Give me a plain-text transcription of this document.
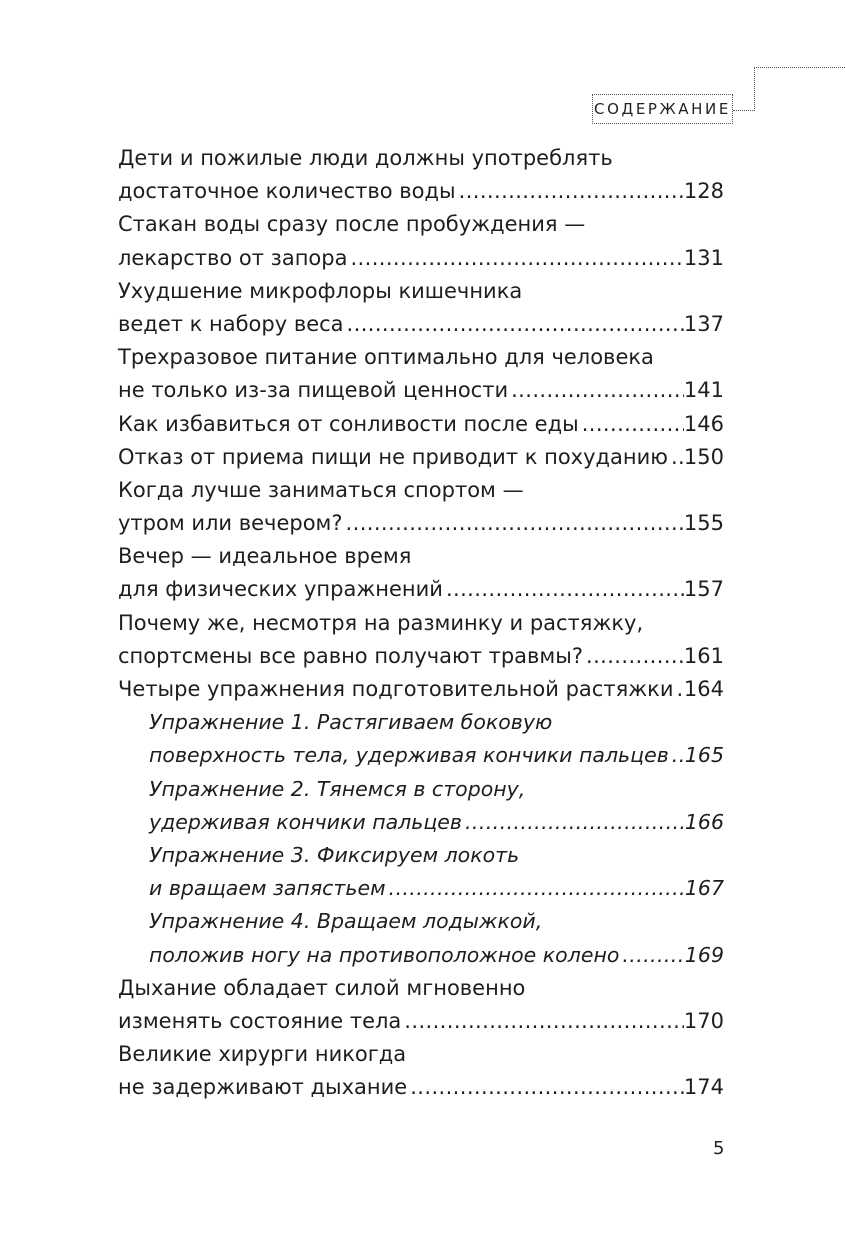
СОДЕРЖАНИЕ
Дети и пожилые люди должны употреблять
достаточное количество воды .....	128
Стакан воды сразу после пробуждения —
лекарство от запора .....	131
Ухудшение микрофлоры кишечника
ведет к набору веса .....	137
Трехразовое питание оптимально для человека
не только из-за пищевой ценности .....	141
Как избавиться от сонливости после еды .....	146
Отказ от приема пищи не приводит к похуданию ..... 150
Когда лучше заниматься спортом —
утром или вечером? .....	155
Вечер — идеальное время
для физических упражнений .....	157
Почему же, несмотря на разминку и растяжку,
спортсмены все равно получают травмы? .....	161
Четыре упражнения подготовительной растяжки ..... 164
Упражнение 1. Растягиваем боковую
поверхность тела, удерживая кончики пальцев ..... 165
Упражнение 2. Тянемся в сторону,
удерживая кончики пальцев .....	166
Упражнение 3. Фиксируем локоть
и вращаем запястьем .....	167
Упражнение 4. Вращаем лодыжкой,
положив ногу на противоположное колено .....	169
Дыхание обладает силой мгновенно
изменять состояние тела .....	170
Великие хирурги никогда
не задерживают дыхание .....	174
5
